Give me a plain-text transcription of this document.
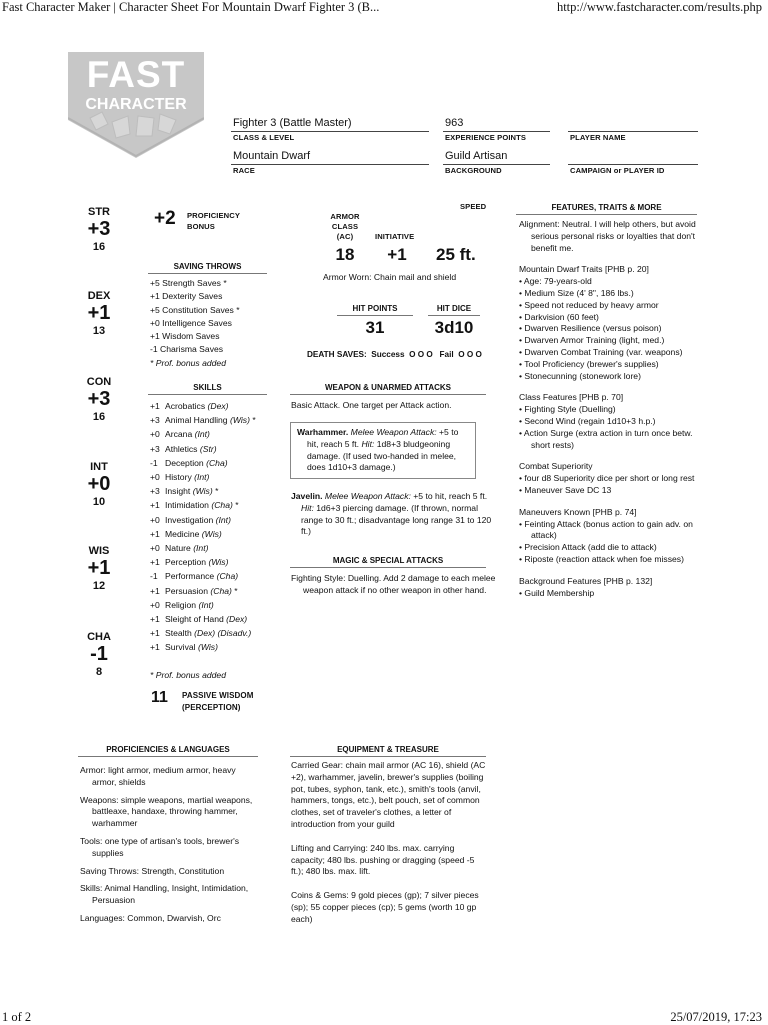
Fast Character Maker | Character Sheet For Mountain Dwarf Fighter 3 (B...	http://www.fastcharacter.com/results.php
1 of 2	25/07/2019, 17:23
FAST
CHARACTER
Fighter 3 (Battle Master)
CLASS & LEVEL
963
EXPERIENCE POINTS	PLAYER NAME
Mountain Dwarf
RACE
Guild Artisan
BACKGROUND	CAMPAIGN or PLAYER ID
STR
+3
16
DEX
+1
13
CON
+3
16
INT
+0
10
WIS
+1
12
CHA
-1
8
+2 PROFICIENCY
BONUS
SAVING THROWS
+5 Strength Saves *
+1 Dexterity Saves
+5 Constitution Saves *
+0 Intelligence Saves
+1 Wisdom Saves
-1 Charisma Saves
* Prof. bonus added
SKILLS
+1 Acrobatics (Dex)
+3 Animal Handling (Wis) *
+0 Arcana (Int)
+3 Athletics (Str)
-1 Deception (Cha)
+0 History (Int)
+3 Insight (Wis) *
+1 Intimidation (Cha) *
+0 Investigation (Int)
+1 Medicine (Wis)
+0 Nature (Int)
+1 Perception (Wis)
-1 Performance (Cha)
+1 Persuasion (Cha) *
+0 Religion (Int)
+1 Sleight of Hand (Dex)
+1 Stealth (Dex) (Disadv.)
+1 Survival (Wis)
* Prof. bonus added
11 PASSIVE WISDOM
(PERCEPTION)
SPEED
ARMOR CLASS (AC)	INITIATIVE
18	+1	25 ft.
Armor Worn: Chain mail and shield
HIT POINTS	HIT DICE
31	3d10
DEATH SAVES:  Success  O O O   Fail  O O O
WEAPON & UNARMED ATTACKS
Basic Attack. One target per Attack action.
Warhammer. Melee Weapon Attack: +5 to hit, reach 5 ft. Hit: 1d8+3 bludgeoning damage. (If used two-handed in melee, does 1d10+3 damage.)
Javelin. Melee Weapon Attack: +5 to hit, reach 5 ft. Hit: 1d6+3 piercing damage. (If thrown, normal range to 30 ft.; disadvantage long range 31 to 120 ft.)
MAGIC & SPECIAL ATTACKS
Fighting Style: Duelling. Add 2 damage to each melee weapon attack if no other weapon in other hand.
FEATURES, TRAITS & MORE
Alignment: Neutral. I will help others, but avoid serious personal risks or loyalties that don't benefit me.
Mountain Dwarf Traits [PHB p. 20]
• Age: 79-years-old
• Medium Size (4' 8", 186 lbs.)
• Speed not reduced by heavy armor
• Darkvision (60 feet)
• Dwarven Resilience (versus poison)
• Dwarven Armor Training (light, med.)
• Dwarven Combat Training (var. weapons)
• Tool Proficiency (brewer's supplies)
• Stonecunning (stonework lore)
Class Features [PHB p. 70]
• Fighting Style (Duelling)
• Second Wind (regain 1d10+3 h.p.)
• Action Surge (extra action in turn once betw. short rests)
Combat Superiority
• four d8 Superiority dice per short or long rest
• Maneuver Save DC 13
Maneuvers Known [PHB p. 74]
• Feinting Attack (bonus action to gain adv. on attack)
• Precision Attack (add die to attack)
• Riposte (reaction attack when foe misses)
Background Features [PHB p. 132]
• Guild Membership
PROFICIENCIES & LANGUAGES
Armor: light armor, medium armor, heavy armor, shields
Weapons: simple weapons, martial weapons, battleaxe, handaxe, throwing hammer, warhammer
Tools: one type of artisan's tools, brewer's supplies
Saving Throws: Strength, Constitution
Skills: Animal Handling, Insight, Intimidation, Persuasion
Languages: Common, Dwarvish, Orc
EQUIPMENT & TREASURE
Carried Gear: chain mail armor (AC 16), shield (AC +2), warhammer, javelin, brewer's supplies (boiling pot, tubes, syphon, tank, etc.), smith's tools (anvil, hammers, tongs, etc.), belt pouch, set of common clothes, set of traveler's clothes, a letter of introduction from your guild
Lifting and Carrying: 240 lbs. max. carrying capacity; 480 lbs. pushing or dragging (speed -5 ft.); 480 lbs. max. lift.
Coins & Gems: 9 gold pieces (gp); 7 silver pieces (sp); 55 copper pieces (cp); 5 gems (worth 10 gp each)
